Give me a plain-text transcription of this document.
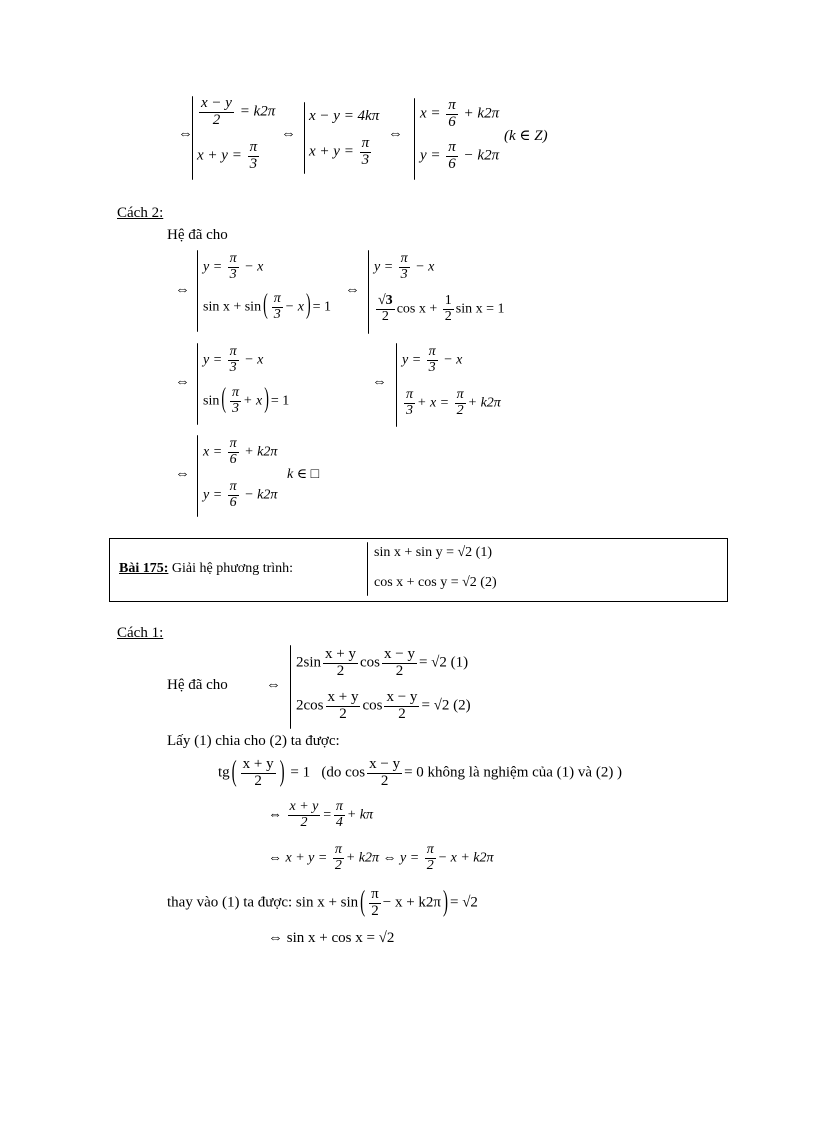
⇔
$\frac{x - y}{2} = k2\pi$
$x + y = \frac{\pi}{3}$
⇔
x − y = 4kπ
$x + y = \frac{\pi}{3}$
⇔
$x = \frac{\pi}{6} + k2\pi$
$y = \frac{\pi}{6} - k2\pi$
(k ∈ Z)
Cách 2:
Hệ đã cho
⇔
$y = \frac{\pi}{3} - x$
sin x + sin ( $\frac{\pi}{3} - x$ ) = 1
⇔
$y = \frac{\pi}{3} - x$
$\frac{√3}{2}$ $\cos x + \frac{1}{2}$ sin x = 1
⇔
$y = \frac{\pi}{3} - x$
sin ( $\frac{\pi}{3} + x$ ) = 1
⇔
$y = \frac{\pi}{3} - x$
$\frac{\pi}{3} + x = \frac{\pi}{2} + k2\pi$
⇔
$x = \frac{\pi}{6} + k2\pi$
$y = \frac{\pi}{6} - k2\pi$
k ∈ □
Bài 175: Giải hệ phương trình:
sin x + sin y = √2 (1)
cos x + cos y = √2 (2)
Cách 1:
Hệ đã cho	⇔
$2\sin \frac{x + y}{2}$ $\cos \frac{x - y}{2} = √2$ (1)
$2\cos \frac{x + y}{2}$ $\cos \frac{x - y}{2} = √2$ (2)
Lấy (1) chia cho (2) ta được:
tg ( $\frac{x + y}{2}$ ) = 1 (do $\cos \frac{x - y}{2} = 0$ không là nghiệm của (1) và (2) )
⇔ $\frac{x + y}{2} = \frac{\pi}{4} + k\pi$
⇔ $x + y = \frac{\pi}{2} + k2\pi$ ⇔ $y = \frac{\pi}{2} - x + k2\pi$
thay vào (1) ta được: sin x + sin ( $\frac{\pi}{2} - x + k2\pi$ ) = √2
⇔ sin x + cos x = √2
